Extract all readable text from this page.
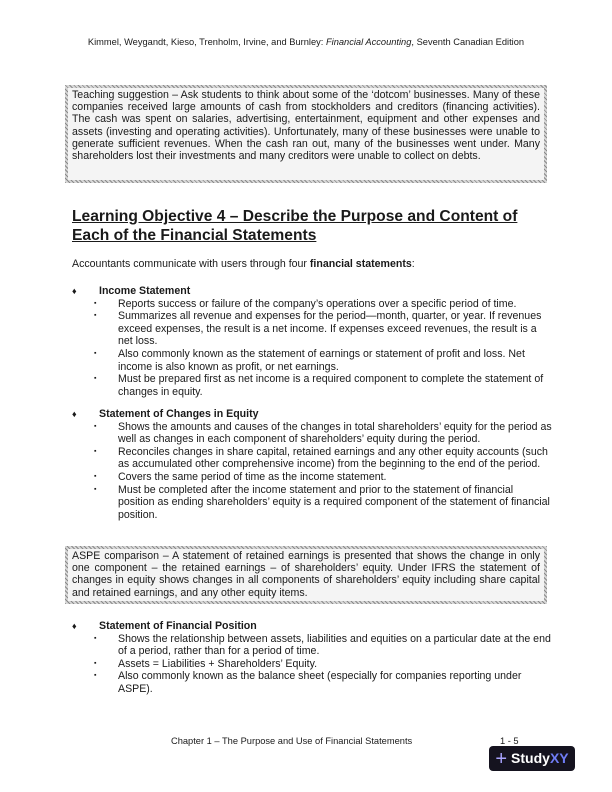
Kimmel, Weygandt, Kieso, Trenholm, Irvine, and Burnley: Financial Accounting, Seventh Canadian Edition
Teaching suggestion – Ask students to think about some of the ‘dotcom’ businesses. Many of these companies received large amounts of cash from stockholders and creditors (financing activities). The cash was spent on salaries, advertising, entertainment, equipment and other expenses and assets (investing and operating activities). Unfortunately, many of these businesses were unable to generate sufficient revenues. When the cash ran out, many of the businesses went under. Many shareholders lost their investments and many creditors were unable to collect on debts.
Learning Objective 4 – Describe the Purpose and Content of Each of the Financial Statements
Accountants communicate with users through four financial statements:
♦	Income Statement
▪
Reports success or failure of the company’s operations over a specific period of time.
▪
Summarizes all revenue and expenses for the period—month, quarter, or year. If revenues exceed expenses, the result is a net income. If expenses exceed revenues, the result is a net loss.
▪
Also commonly known as the statement of earnings or statement of profit and loss. Net income is also known as profit, or net earnings.
▪
Must be prepared first as net income is a required component to complete the statement of changes in equity.
♦	Statement of Changes in Equity
▪
Shows the amounts and causes of the changes in total shareholders’ equity for the period as well as changes in each component of shareholders’ equity during the period.
▪
Reconciles changes in share capital, retained earnings and any other equity accounts (such as accumulated other comprehensive income) from the beginning to the end of the period.
▪
Covers the same period of time as the income statement.
▪
Must be completed after the income statement and prior to the statement of financial position as ending shareholders’ equity is a required component of the statement of financial position.
ASPE comparison – A statement of retained earnings is presented that shows the change in only one component – the retained earnings – of shareholders’ equity. Under IFRS the statement of changes in equity shows changes in all components of shareholders’ equity including share capital and retained earnings, and any other equity items.
♦	Statement of Financial Position
▪
Shows the relationship between assets, liabilities and equities on a particular date at the end of a period, rather than for a period of time.
▪
Assets = Liabilities + Shareholders’ Equity.
▪
Also commonly known as the balance sheet (especially for companies reporting under ASPE).
Chapter 1 – The Purpose and Use of Financial Statements	1 - 5
+ StudyXY
